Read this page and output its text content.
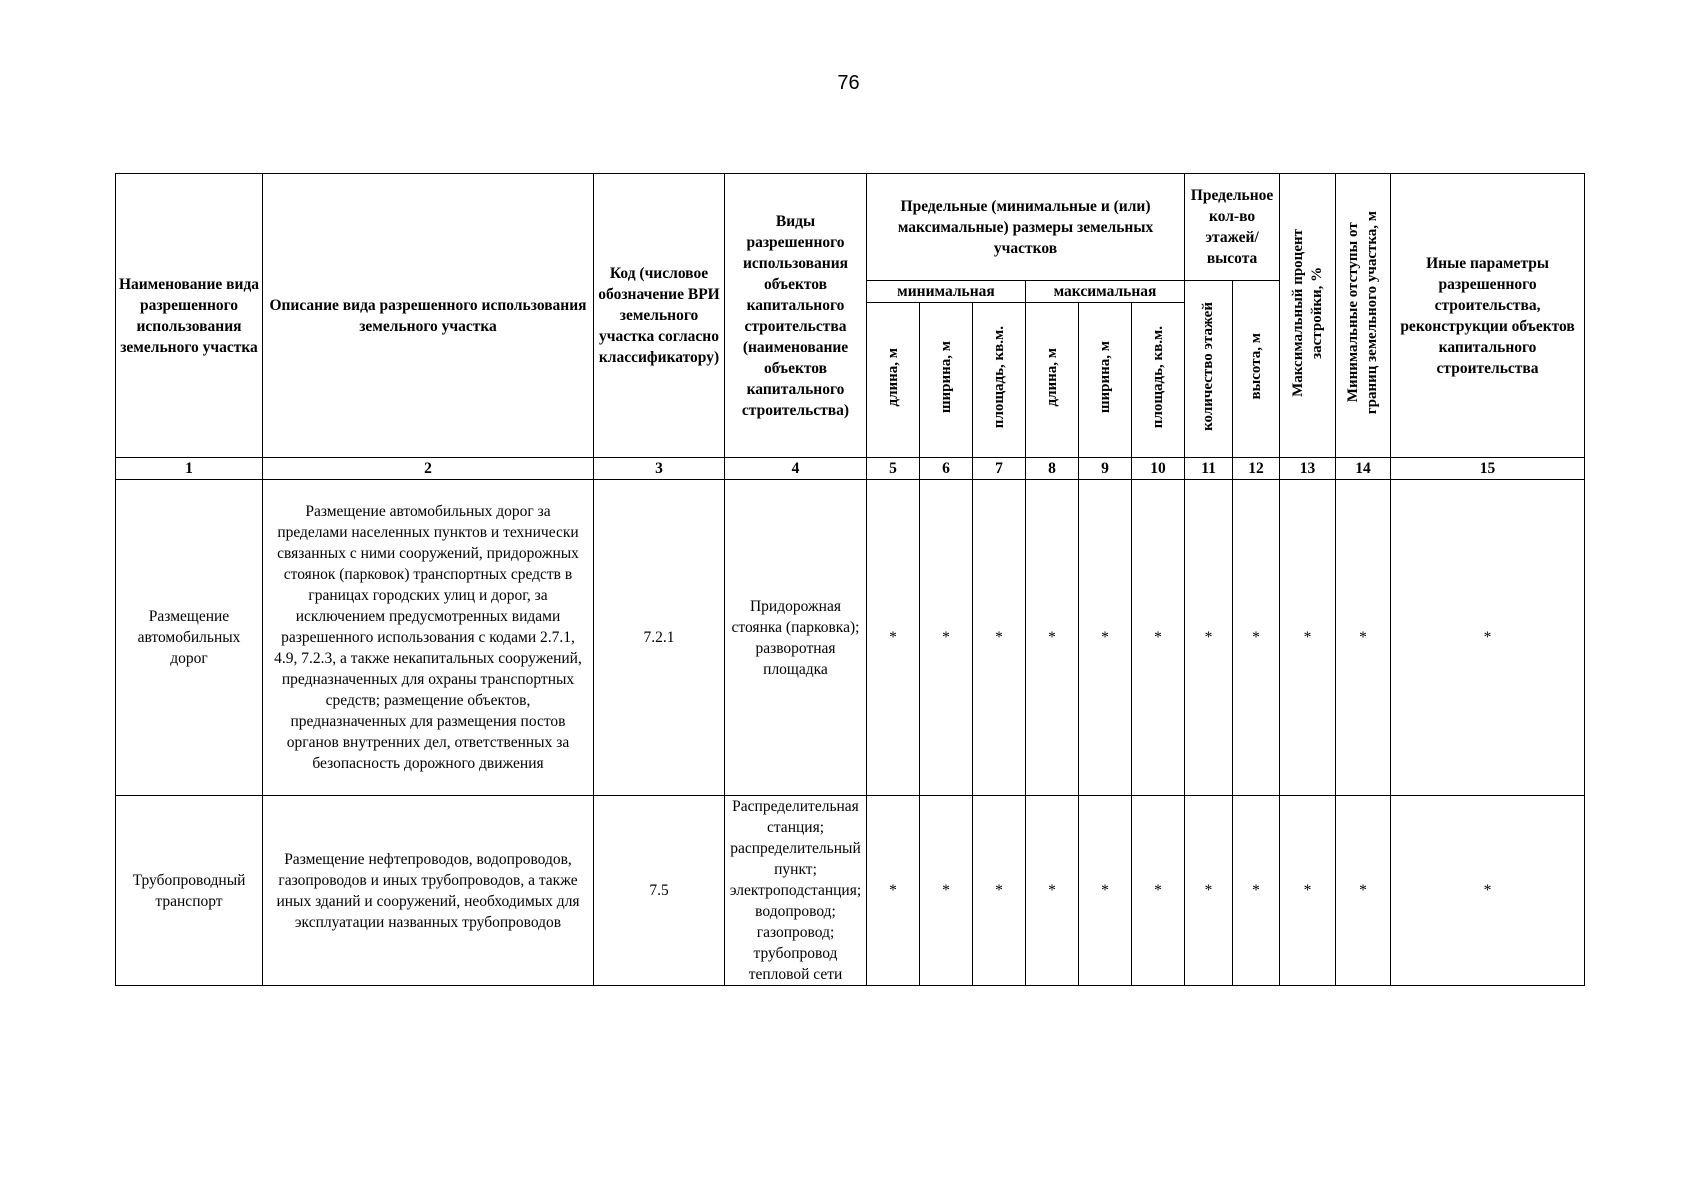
76
Наименование вида разрешенного использования земельного участка	Описание вида разрешенного использования земельного участка	Код (числовое обозначение ВРИ земельного участка согласно классификатору)	Виды разрешенного использования объектов капитального строительства (наименование объектов капитального строительства)	Предельные (минимальные и (или) максимальные) размеры земельных участков						Предельное кол-во этажей/ высота		Максимальный процент застройки, %	Минимальные отступы от границ земельного участка, м	Иные параметры разрешенного строительства, реконструкции объектов капитального строительства
				минимальная			максимальная			количество этажей	высота, м			
				длина, м	ширина, м	площадь, кв.м.	длина, м	ширина, м	площадь, кв.м.					
1	2	3	4	5	6	7	8	9	10	11	12	13	14	15
Размещение автомобильных дорог	Размещение автомобильных дорог за пределами населенных пунктов и технически связанных с ними сооружений, придорожных стоянок (парковок) транспортных средств в границах городских улиц и дорог, за исключением предусмотренных видами разрешенного использования с кодами 2.7.1, 4.9, 7.2.3, а также некапитальных сооружений, предназначенных для охраны транспортных средств; размещение объектов, предназначенных для размещения постов органов внутренних дел, ответственных за безопасность дорожного движения	7.2.1	Придорожная стоянка (парковка); разворотная площадка	*	*	*	*	*	*	*	*	*	*	*
Трубопроводный транспорт	Размещение нефтепроводов, водопроводов, газопроводов и иных трубопроводов, а также иных зданий и сооружений, необходимых для эксплуатации названных трубопроводов	7.5	Распределительная станция; распределительный пункт; электроподстанция; водопровод; газопровод; трубопровод тепловой сети	*	*	*	*	*	*	*	*	*	*	*
